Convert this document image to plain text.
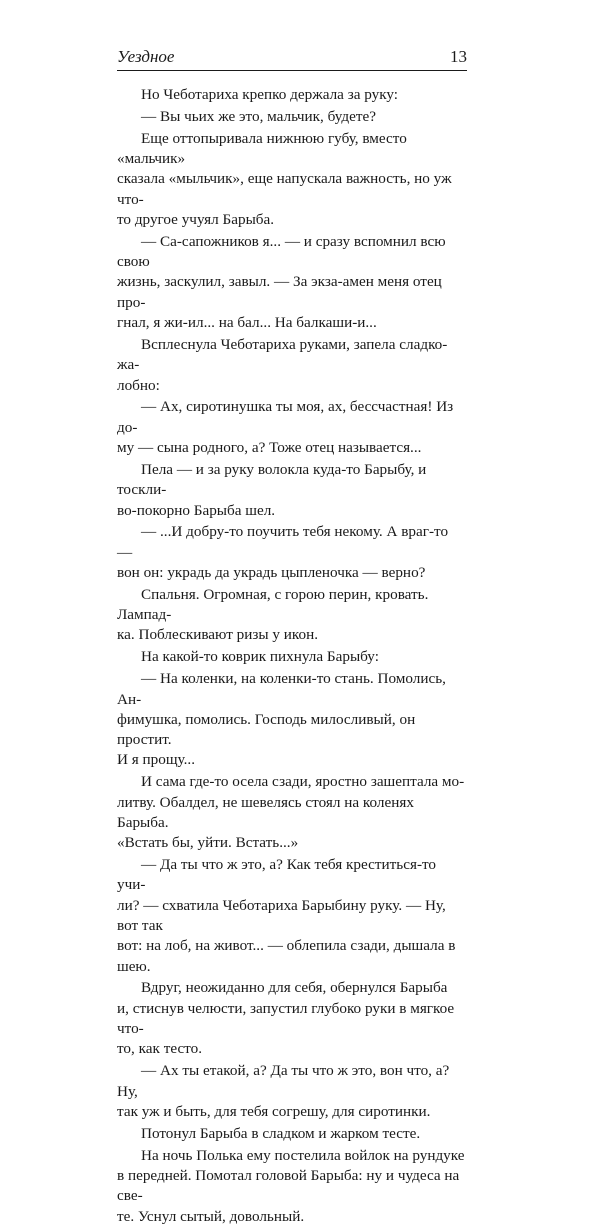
Уездное	13

Но Чеботариха крепко держала за руку:

— Вы чьих же это, мальчик, будете?

Еще оттопыривала нижнюю губу, вместо «мальчик»
сказала «мыльчик», еще напускала важность, но уж что-
то другое учуял Барыба.

— Са-сапожников я... — и сразу вспомнил всю свою
жизнь, заскулил, завыл. — За экза-амен меня отец про-
гнал, я жи-ил... на бал... На балкаши-и...

Всплеснула Чеботариха руками, запела сладко-жа-
лобно:

— Ах, сиротинушка ты моя, ах, бессчастная! Из до-
му — сына родного, а? Тоже отец называется...

Пела — и за руку волокла куда-то Барыбу, и тоскли-
во-покорно Барыба шел.

— ...И добру-то поучить тебя некому. А враг-то —
вон он: украдь да украдь цыпленочка — верно?

Спальня. Огромная, с горою перин, кровать. Лампад-
ка. Поблескивают ризы у икон.

На какой-то коврик пихнула Барыбу:

— На коленки, на коленки-то стань. Помолись, Ан-
фимушка, помолись. Господь милосливый, он простит.
И я прощу...

И сама где-то осела сзади, яростно зашептала мо-
литву. Обалдел, не шевелясь стоял на коленях Барыба.
«Встать бы, уйти. Встать...»

— Да ты что ж это, а? Как тебя креститься-то учи-
ли? — схватила Чеботариха Барыбину руку. — Ну, вот так
вот: на лоб, на живот... — облепила сзади, дышала в шею.

Вдруг, неожиданно для себя, обернулся Барыба
и, стиснув челюсти, запустил глубоко руки в мягкое что-
то, как тесто.

— Ах ты етакой, а? Да ты что ж это, вон что, а? Ну,
так уж и быть, для тебя согрешу, для сиротинки.

Потонул Барыба в сладком и жарком тесте.

На ночь Полька ему постелила войлок на рундуке
в передней. Помотал головой Барыба: ну и чудеса на све-
те. Уснул сытый, довольный.
